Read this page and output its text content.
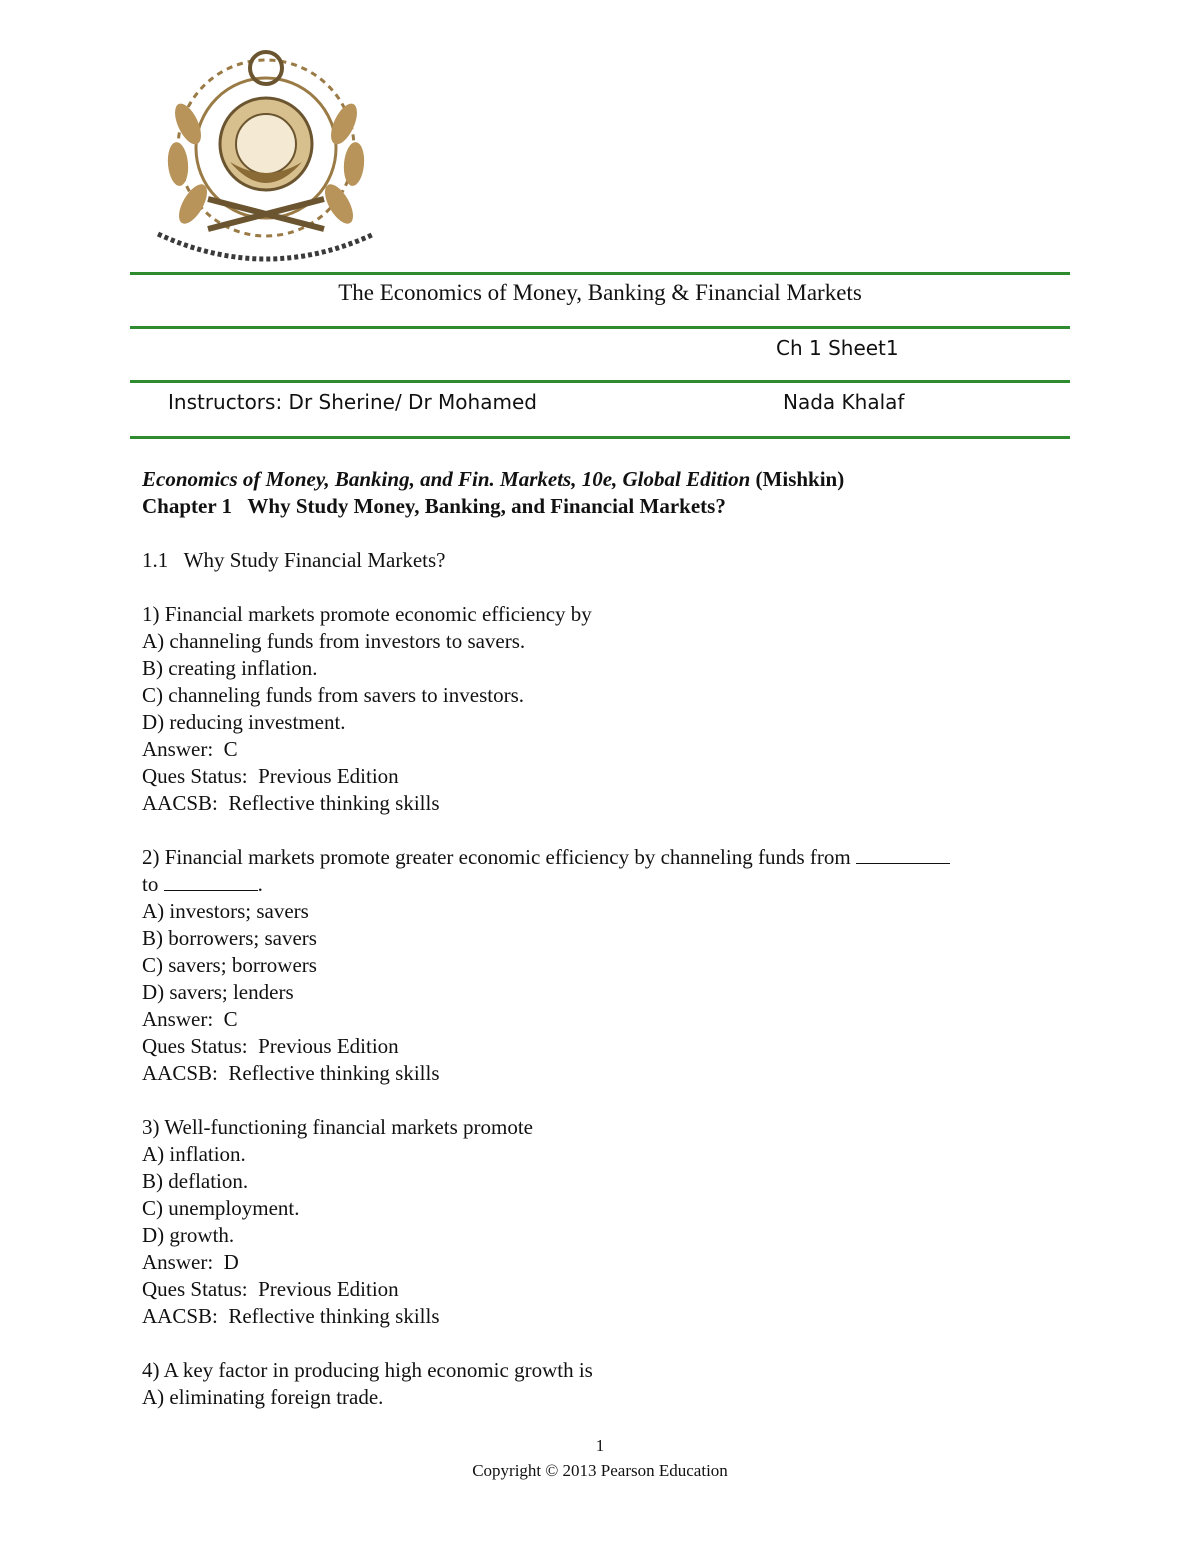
The Economics of Money, Banking & Financial Markets
Ch 1 Sheet1
Instructors: Dr Sherine/ Dr Mohamed	Nada Khalaf

Economics of Money, Banking, and Fin. Markets, 10e, Global Edition (Mishkin)

Chapter 1   Why Study Money, Banking, and Financial Markets?

1.1   Why Study Financial Markets?

1) Financial markets promote economic efficiency by

A) channeling funds from investors to savers.

B) creating inflation.

C) channeling funds from savers to investors.

D) reducing investment.

Answer:  C

Ques Status:  Previous Edition

AACSB:  Reflective thinking skills

2) Financial markets promote greater economic efficiency by channeling funds from

to	.

A) investors; savers

B) borrowers; savers

C) savers; borrowers

D) savers; lenders

Answer:  C

Ques Status:  Previous Edition

AACSB:  Reflective thinking skills

3) Well-functioning financial markets promote

A) inflation.

B) deflation.

C) unemployment.

D) growth.

Answer:  D

Ques Status:  Previous Edition

AACSB:  Reflective thinking skills

4) A key factor in producing high economic growth is

A) eliminating foreign trade.

1
Copyright © 2013 Pearson Education
